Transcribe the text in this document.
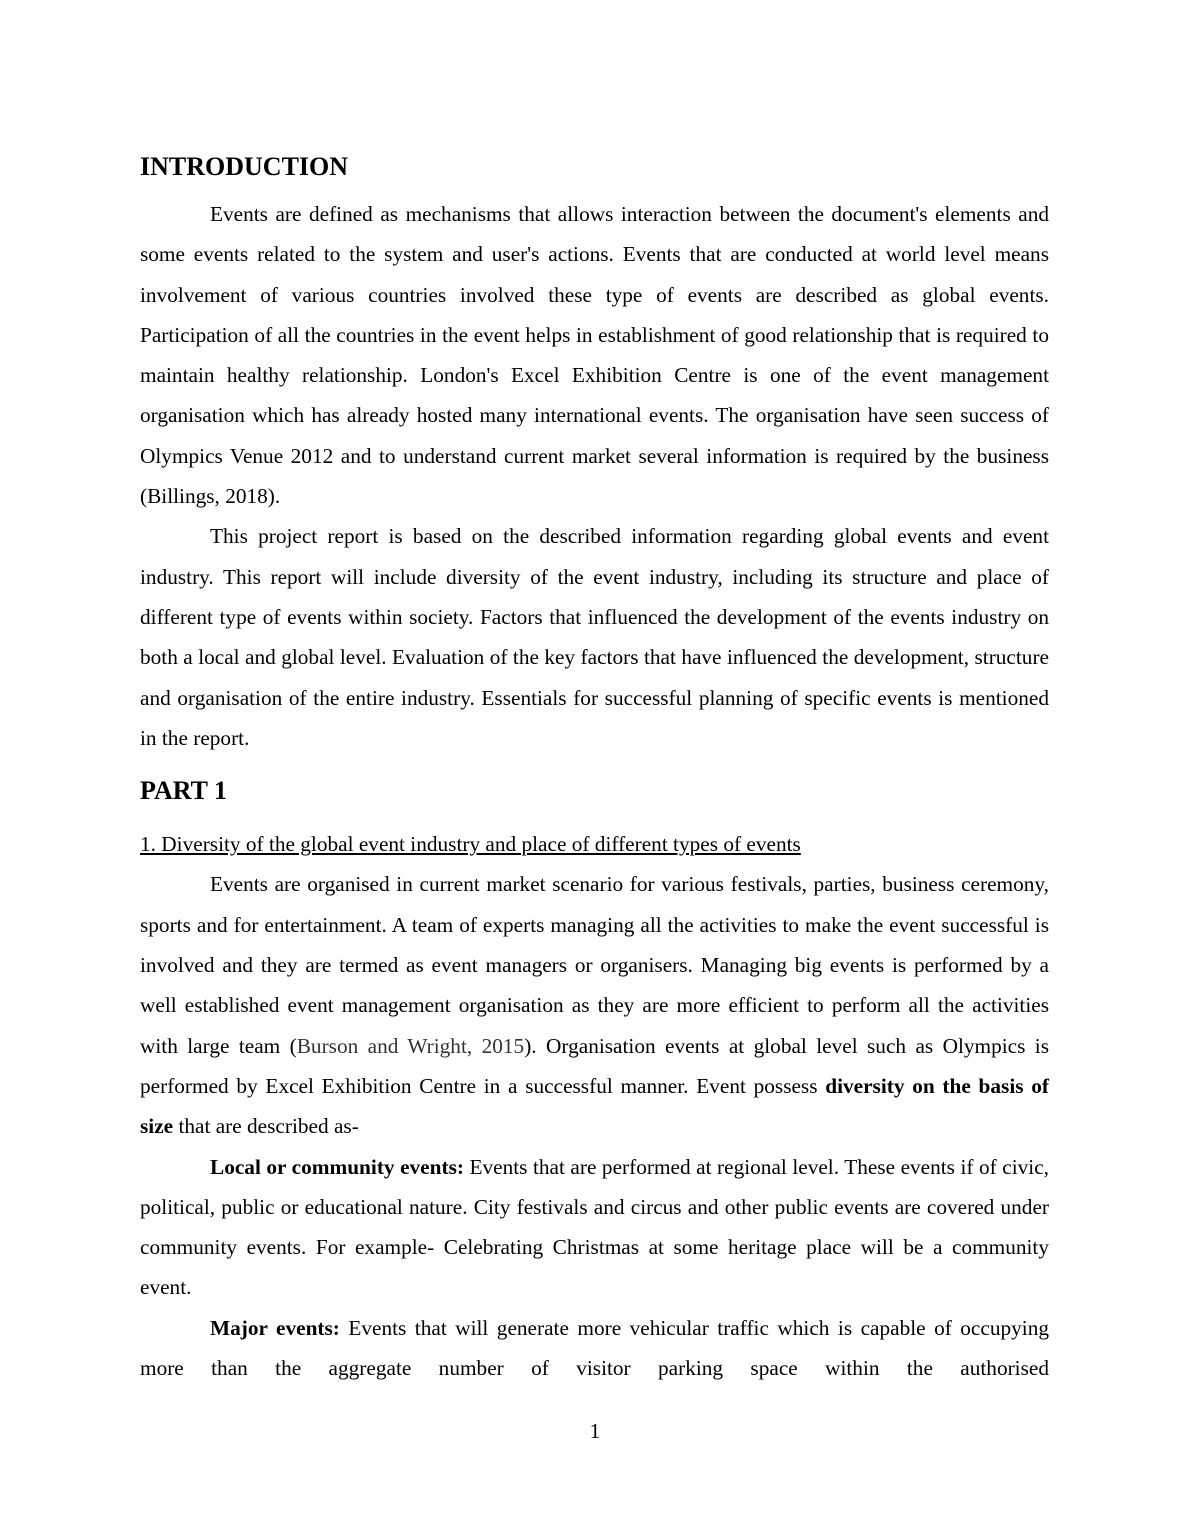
INTRODUCTION

Events are defined as mechanisms that allows interaction between the document's elements and some events related to the system and user's actions. Events that are conducted at world level means involvement of various countries involved these type of events are described as global events. Participation of all the countries in the event helps in establishment of good relationship that is required to maintain healthy relationship. London's Excel Exhibition Centre is one of the event management organisation which has already hosted many international events. The organisation have seen success of Olympics Venue 2012 and to understand current market several information is required by the business (Billings, 2018).

This project report is based on the described information regarding global events and event industry. This report will include diversity of the event industry, including its structure and place of different type of events within society. Factors that influenced the development of the events industry on both a local and global level. Evaluation of the key factors that have influenced the development, structure and organisation of the entire industry. Essentials for successful planning of specific events is mentioned in the report.

PART 1
1. Diversity of the global event industry and place of different types of events

Events are organised in current market scenario for various festivals, parties, business ceremony, sports and for entertainment. A team of experts managing all the activities to make the event successful is involved and they are termed as event managers or organisers. Managing big events is performed by a well established event management organisation as they are more efficient to perform all the activities with large team (Burson and Wright, 2015). Organisation events at global level such as Olympics is performed by Excel Exhibition Centre in a successful manner. Event possess diversity on the basis of size that are described as-

Local or community events: Events that are performed at regional level. These events if of civic, political, public or educational nature. City festivals and circus and other public events are covered under community events. For example- Celebrating Christmas at some heritage place will be a community event.

Major events: Events that will generate more vehicular traffic which is capable of occupying more than the aggregate number of visitor parking space within the authorised

1
